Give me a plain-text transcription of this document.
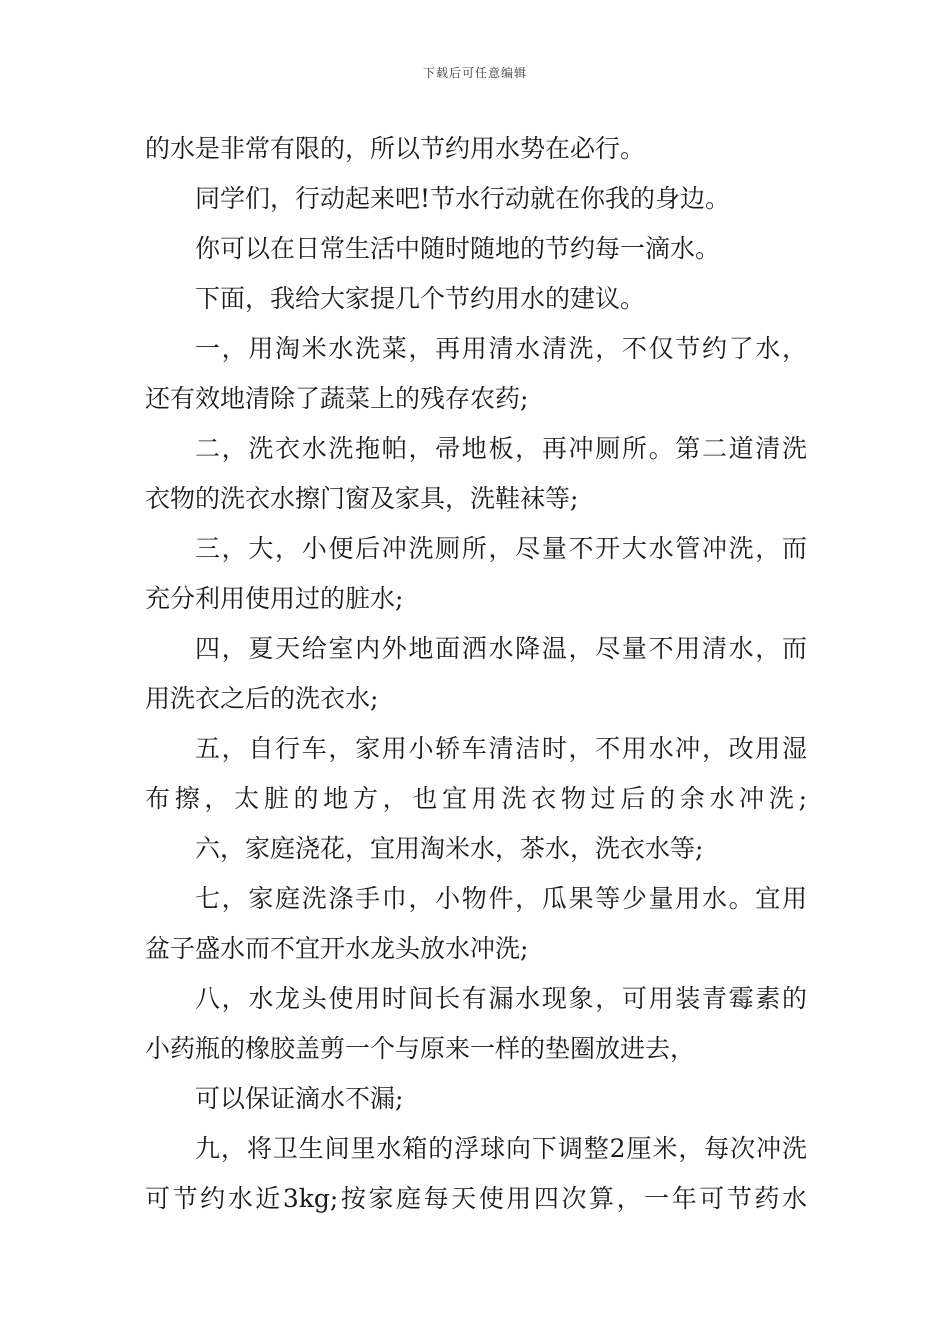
下载后可任意编辑
的水是非常有限的，所以节约用水势在必行。
同学们，行动起来吧!节水行动就在你我的身边。
你可以在日常生活中随时随地的节约每一滴水。
下面，我给大家提几个节约用水的建议。
一，用淘米水洗菜，再用清水清洗，不仅节约了水，
还有效地清除了蔬菜上的残存农药;
二，洗衣水洗拖帕，帚地板，再冲厕所。第二道清洗
衣物的洗衣水擦门窗及家具，洗鞋袜等;
三，大，小便后冲洗厕所，尽量不开大水管冲洗，而
充分利用使用过的脏水;
四，夏天给室内外地面洒水降温，尽量不用清水，而
用洗衣之后的洗衣水;
五，自行车，家用小轿车清洁时，不用水冲，改用湿
布擦，太脏的地方，也宜用洗衣物过后的余水冲洗;
六，家庭浇花，宜用淘米水，茶水，洗衣水等;
七，家庭洗涤手巾，小物件，瓜果等少量用水。宜用
盆子盛水而不宜开水龙头放水冲洗;
八，水龙头使用时间长有漏水现象，可用装青霉素的
小药瓶的橡胶盖剪一个与原来一样的垫圈放进去，
可以保证滴水不漏;
九，将卫生间里水箱的浮球向下调整2厘米，每次冲洗
可节约水近3kg;按家庭每天使用四次算，一年可节药水
